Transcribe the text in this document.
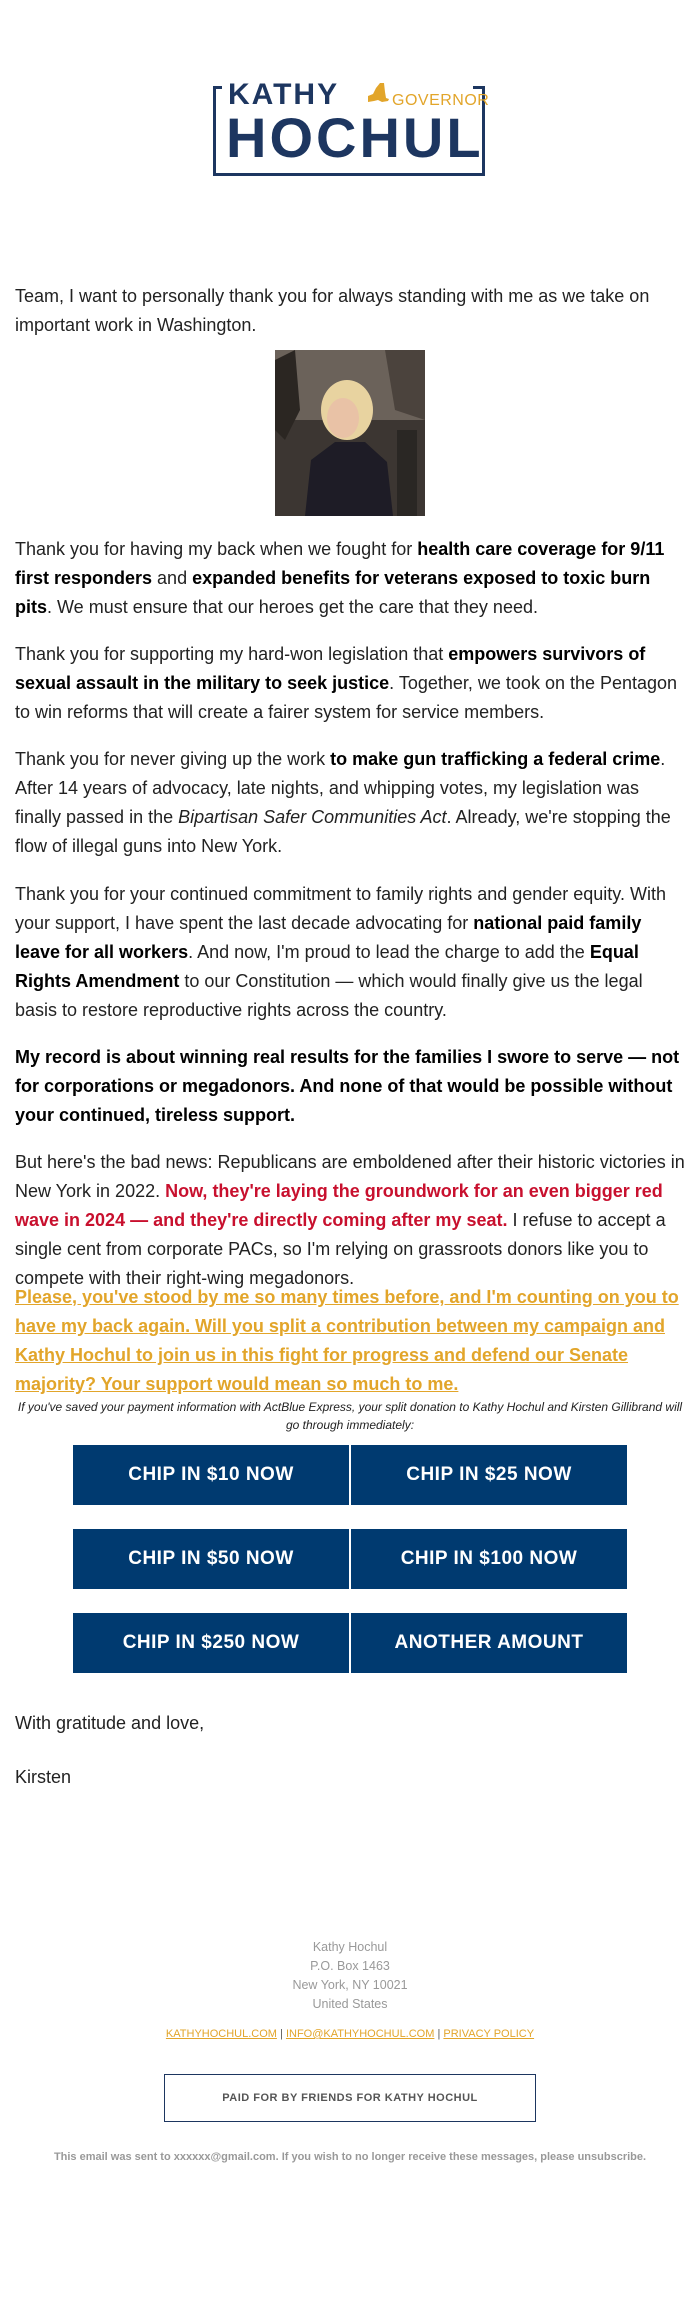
KATHY	GOVERNOR
HOCHUL

Team, I want to personally thank you for always standing with me as we take on important work in Washington.

Thank you for having my back when we fought for health care coverage for 9/11 first responders and expanded benefits for veterans exposed to toxic burn pits. We must ensure that our heroes get the care that they need.

Thank you for supporting my hard-won legislation that empowers survivors of sexual assault in the military to seek justice. Together, we took on the Pentagon to win reforms that will create a fairer system for service members.

Thank you for never giving up the work to make gun trafficking a federal crime. After 14 years of advocacy, late nights, and whipping votes, my legislation was finally passed in the Bipartisan Safer Communities Act. Already, we're stopping the flow of illegal guns into New York.

Thank you for your continued commitment to family rights and gender equity. With your support, I have spent the last decade advocating for national paid family leave for all workers. And now, I'm proud to lead the charge to add the Equal Rights Amendment to our Constitution — which would finally give us the legal basis to restore reproductive rights across the country.

My record is about winning real results for the families I swore to serve — not for corporations or megadonors. And none of that would be possible without your continued, tireless support.

But here's the bad news: Republicans are emboldened after their historic victories in New York in 2022. Now, they're laying the groundwork for an even bigger red wave in 2024 — and they're directly coming after my seat. I refuse to accept a single cent from corporate PACs, so I'm relying on grassroots donors like you to compete with their right-wing megadonors.

Please, you've stood by me so many times before, and I'm counting on you to have my back again. Will you split a contribution between my campaign and Kathy Hochul to join us in this fight for progress and defend our Senate majority? Your support would mean so much to me.

If you've saved your payment information with ActBlue Express, your split donation to Kathy Hochul and Kirsten Gillibrand will go through immediately:
CHIP IN $10 NOW	CHIP IN $25 NOW
CHIP IN $50 NOW	CHIP IN $100 NOW
CHIP IN $250 NOW	ANOTHER AMOUNT

With gratitude and love,

Kirsten

Kathy Hochul
P.O. Box 1463
New York, NY 10021
United States
KATHYHOCHUL.COM | INFO@KATHYHOCHUL.COM | PRIVACY POLICY
PAID FOR BY FRIENDS FOR KATHY HOCHUL
This email was sent to xxxxxx@gmail.com. If you wish to no longer receive these messages, please unsubscribe.
